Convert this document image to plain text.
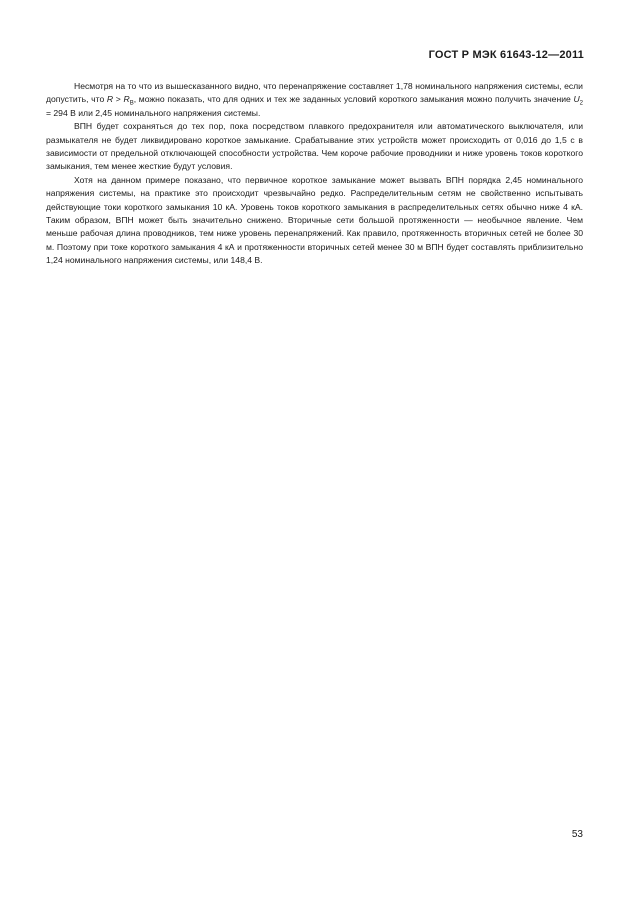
ГОСТ Р МЭК 61643-12—2011

Несмотря на то что из вышесказанного видно, что перенапряжение составляет 1,78 номинального напряжения системы, если допустить, что $R > R_B$, можно показать, что для одних и тех же заданных условий короткого замыкания можно получить значение $U_2 = 294$ В или 2,45 номинального напряжения системы.

ВПН будет сохраняться до тех пор, пока посредством плавкого предохранителя или автоматического выключателя, или размыкателя не будет ликвидировано короткое замыкание. Срабатывание этих устройств может происходить от 0,016 до 1,5 с в зависимости от предельной отключающей способности устройства. Чем короче рабочие проводники и ниже уровень токов короткого замыкания, тем менее жесткие будут условия.

Хотя на данном примере показано, что первичное короткое замыкание может вызвать ВПН порядка 2,45 номинального напряжения системы, на практике это происходит чрезвычайно редко. Распределительным сетям не свойственно испытывать действующие токи короткого замыкания 10 кА. Уровень токов короткого замыкания в распределительных сетях обычно ниже 4 кА. Таким образом, ВПН может быть значительно снижено. Вторичные сети большой протяженности — необычное явление. Чем меньше рабочая длина проводников, тем ниже уровень перенапряжений. Как правило, протяженность вторичных сетей не более 30 м. Поэтому при токе короткого замыкания 4 кА и протяженности вторичных сетей менее 30 м ВПН будет составлять приблизительно 1,24 номинального напряжения системы, или 148,4 В.

53
